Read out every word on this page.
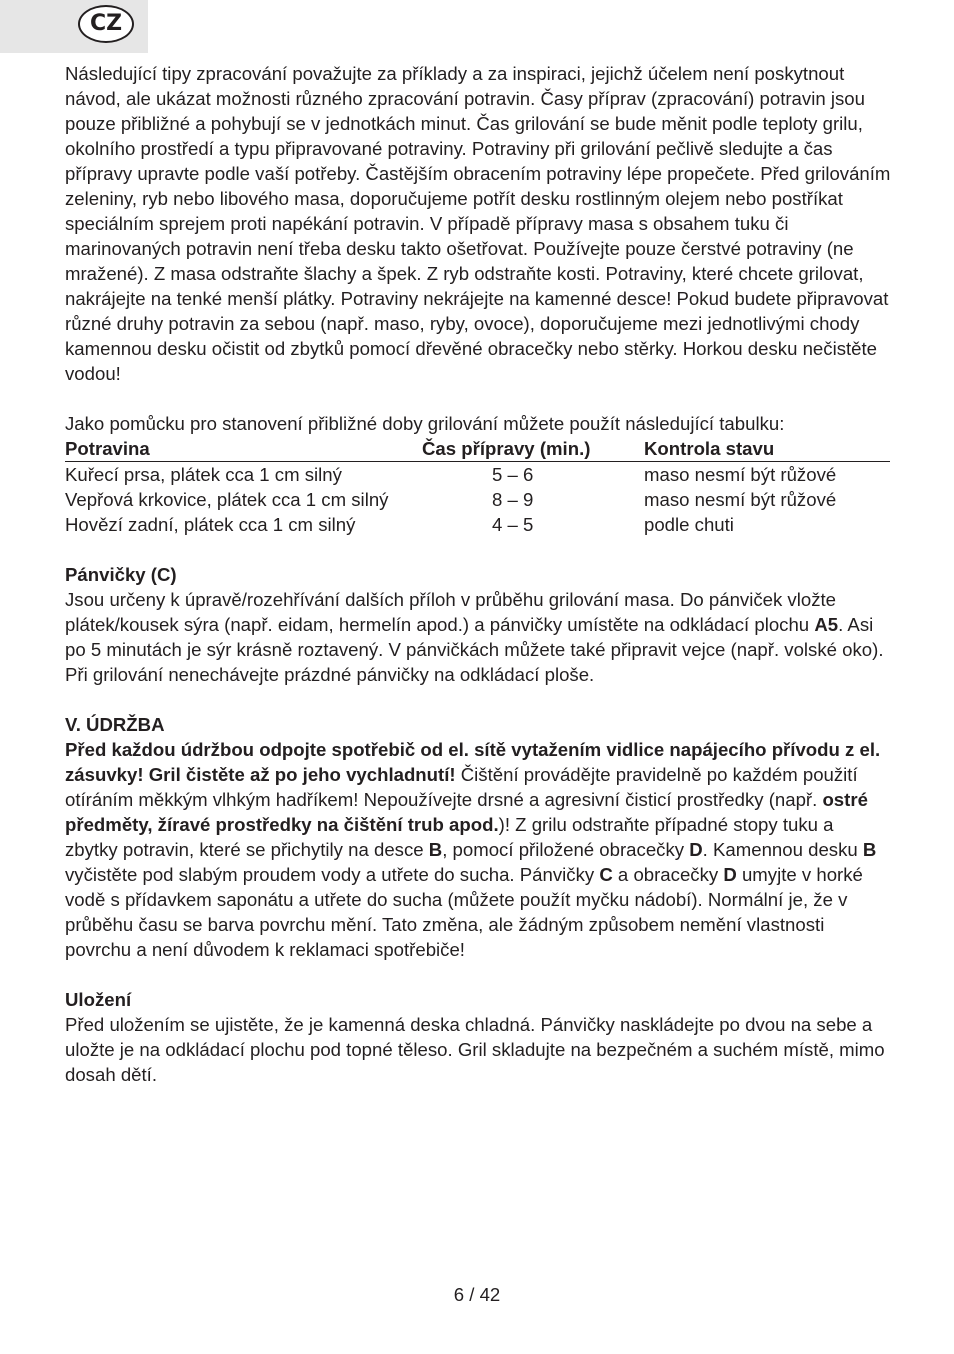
CZ

Následující tipy zpracování považujte za příklady a za inspiraci, jejichž účelem není poskytnout návod, ale ukázat možnosti různého zpracování potravin. Časy příprav (zpracování) potravin jsou pouze přibližné a pohybují se v jednotkách minut. Čas grilování se bude měnit podle teploty grilu, okolního prostředí a typu připravované potraviny. Potraviny při grilování pečlivě sledujte a čas přípravy upravte podle vaší potřeby. Častějším obracením potraviny lépe propečete. Před grilováním zeleniny, ryb nebo libového masa, doporučujeme potřít desku rostlinným olejem nebo postříkat speciálním sprejem proti napékání potravin. V případě přípravy masa s obsahem tuku či marinovaných potravin není třeba desku takto ošetřovat. Používejte pouze čerstvé potraviny (ne mražené). Z masa odstraňte šlachy a špek. Z ryb odstraňte kosti. Potraviny, které chcete grilovat, nakrájejte na tenké menší plátky. Potraviny nekrájejte na kamenné desce! Pokud budete připravovat různé druhy potravin za sebou (např. maso, ryby, ovoce), doporučujeme mezi jednotlivými chody kamennou desku očistit od zbytků pomocí dřevěné obracečky nebo stěrky. Horkou desku nečistěte vodou!

Jako pomůcku pro stanovení přibližné doby grilování můžete použít následující tabulku:

Potravina	Čas přípravy (min.)	Kontrola stavu
Kuřecí prsa, plátek cca 1 cm silný	5 – 6	maso nesmí být růžové
Vepřová krkovice, plátek cca 1 cm silný	8 – 9	maso nesmí být růžové
Hovězí zadní, plátek cca 1 cm silný	4 – 5	podle chuti

Pánvičky (C)

Jsou určeny k úpravě/rozehřívání dalších příloh v průběhu grilování masa. Do pánviček vložte plátek/kousek sýra (např. eidam, hermelín apod.) a pánvičky umístěte na odkládací plochu A5. Asi po 5 minutách je sýr krásně roztavený. V pánvičkách můžete také připravit vejce (např. volské oko). Při grilování nenechávejte prázdné pánvičky na odkládací ploše.

V. ÚDRŽBA

Před každou údržbou odpojte spotřebič od el. sítě vytažením vidlice napájecího přívodu z el. zásuvky! Gril čistěte až po jeho vychladnutí! Čištění provádějte pravidelně po každém použití otíráním měkkým vlhkým hadříkem! Nepoužívejte drsné a agresivní čisticí prostředky (např. ostré předměty, žíravé prostředky na čištění trub apod.)! Z grilu odstraňte případné stopy tuku a zbytky potravin, které se přichytily na desce B, pomocí přiložené obracečky D. Kamennou desku B vyčistěte pod slabým proudem vody a utřete do sucha. Pánvičky C a obracečky D umyjte v horké vodě s přídavkem saponátu a utřete do sucha (můžete použít myčku nádobí). Normální je, že v průběhu času se barva povrchu mění. Tato změna, ale žádným způsobem nemění vlastnosti povrchu a není důvodem k reklamaci spotřebiče!

Uložení

Před uložením se ujistěte, že je kamenná deska chladná. Pánvičky naskládejte po dvou na sebe a uložte je na odkládací plochu pod topné těleso. Gril skladujte na bezpečném a suchém místě, mimo dosah dětí.

6 / 42
